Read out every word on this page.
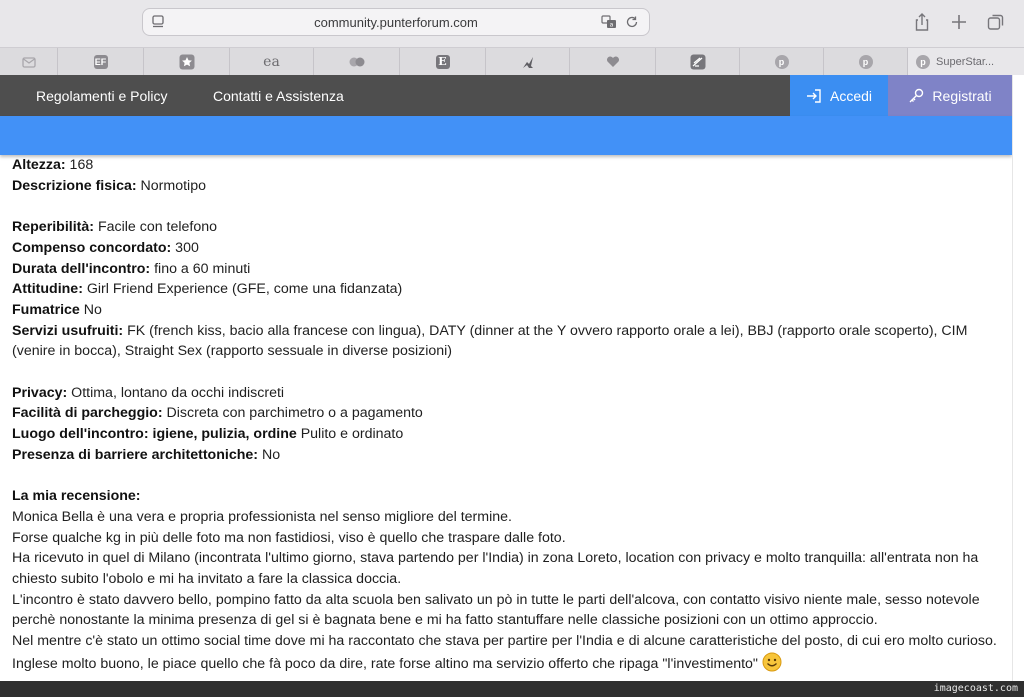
community.punterforum.com	a
EF	ea	E	p	p	p SuperStar...
Regolamenti e Policy	Contatti e Assistenza	Accedi	Registrati
Altezza: 168
Descrizione fisica: Normotipo
Reperibilità: Facile con telefono
Compenso concordato: 300
Durata dell'incontro: fino a 60 minuti
Attitudine: Girl Friend Experience (GFE, come una fidanzata)
Fumatrice No
Servizi usufruiti: FK (french kiss, bacio alla francese con lingua), DATY (dinner at the Y ovvero rapporto orale a lei), BBJ (rapporto orale scoperto), CIM (venire in bocca), Straight Sex (rapporto sessuale in diverse posizioni)
Privacy: Ottima, lontano da occhi indiscreti
Facilità di parcheggio: Discreta con parchimetro o a pagamento
Luogo dell'incontro: igiene, pulizia, ordine Pulito e ordinato
Presenza di barriere architettoniche: No
La mia recensione:
Monica Bella è una vera e propria professionista nel senso migliore del termine.
Forse qualche kg in più delle foto ma non fastidiosi, viso è quello che traspare dalle foto.
Ha ricevuto in quel di Milano (incontrata l'ultimo giorno, stava partendo per l'India) in zona Loreto, location con privacy e molto tranquilla: all'entrata non ha chiesto subito l'obolo e mi ha invitato a fare la classica doccia.
L'incontro è stato davvero bello, pompino fatto da alta scuola ben salivato un pò in tutte le parti dell'alcova, con contatto visivo niente male, sesso notevole perchè nonostante la minima presenza di gel si è bagnata bene e mi ha fatto stantuffare nelle classiche posizioni con un ottimo approccio.
Nel mentre c'è stato un ottimo social time dove mi ha raccontato che stava per partire per l'India e di alcune caratteristiche del posto, di cui ero molto curioso. Inglese molto buono, le piace quello che fà poco da dire, rate forse altino ma servizio offerto che ripaga "l'investimento"
imagecoast.com
